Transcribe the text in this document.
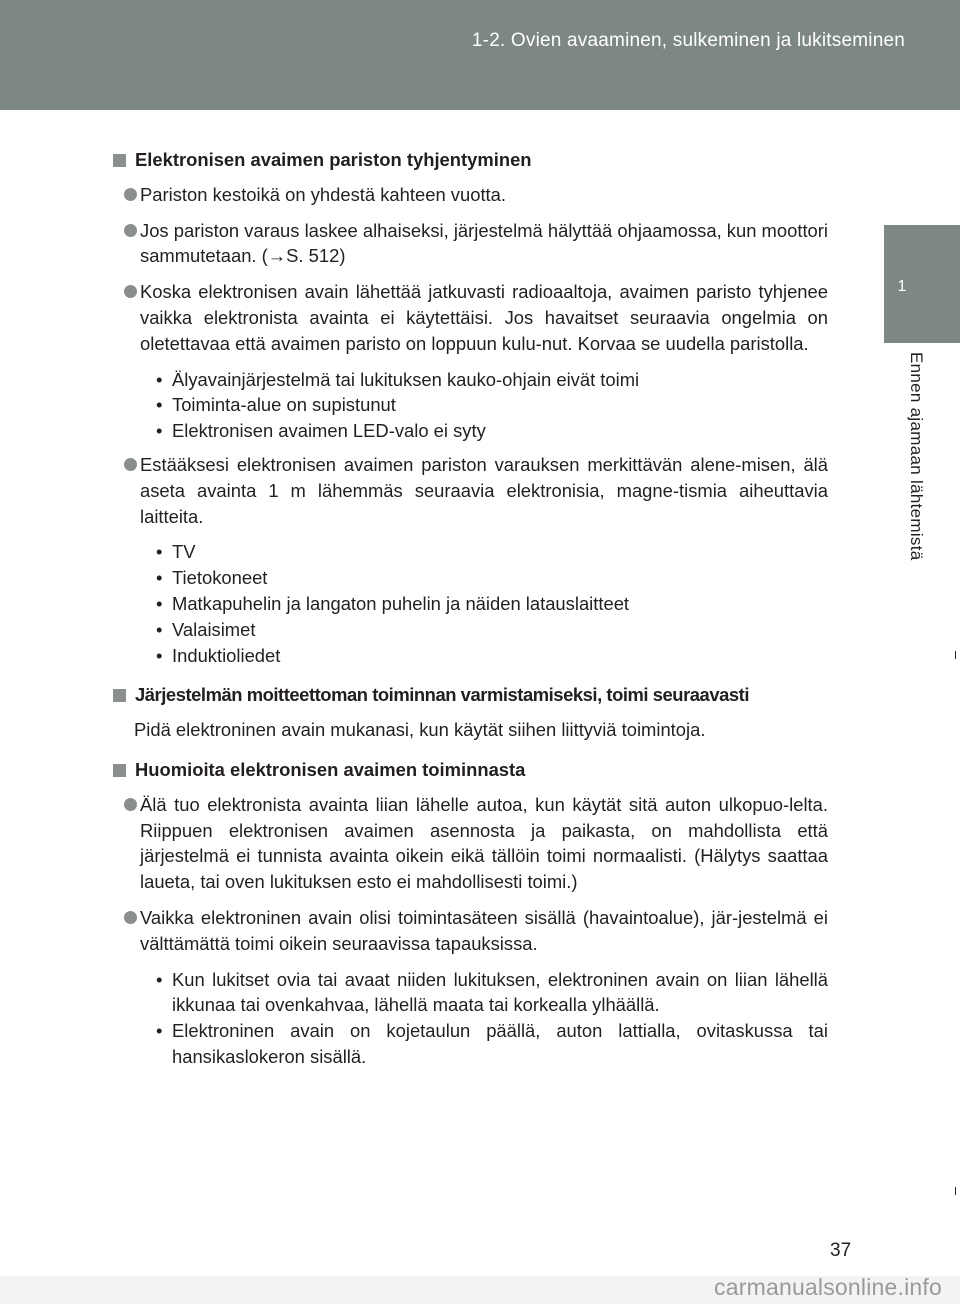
1-2. Ovien avaaminen, sulkeminen ja lukitseminen
1
Ennen ajamaan lähtemistä
Elektronisen avaimen pariston tyhjentyminen
Pariston kestoikä on yhdestä kahteen vuotta.
Jos pariston varaus laskee alhaiseksi, järjestelmä hälyttää ohjaamossa, kun moottori sammutetaan. (→S. 512)
Koska elektronisen avain lähettää jatkuvasti radioaaltoja, avaimen paristo tyhjenee vaikka elektronista avainta ei käytettäisi. Jos havaitset seuraavia ongelmia on oletettavaa että avaimen paristo on loppuun kulu-nut. Korvaa se uudella paristolla.
• Älyavainjärjestelmä tai lukituksen kauko-ohjain eivät toimi
• Toiminta-alue on supistunut
• Elektronisen avaimen LED-valo ei syty
Estääksesi elektronisen avaimen pariston varauksen merkittävän alene-misen, älä aseta avainta 1 m lähemmäs seuraavia elektronisia, magne-tismia aiheuttavia laitteita.
• TV
• Tietokoneet
• Matkapuhelin ja langaton puhelin ja näiden latauslaitteet
• Valaisimet
• Induktioliedet
Järjestelmän moitteettoman toiminnan varmistamiseksi, toimi seuraavasti
Pidä elektroninen avain mukanasi, kun käytät siihen liittyviä toimintoja.
Huomioita elektronisen avaimen toiminnasta
Älä tuo elektronista avainta liian lähelle autoa, kun käytät sitä auton ulkopuo-lelta. Riippuen elektronisen avaimen asennosta ja paikasta, on mahdollista että järjestelmä ei tunnista avainta oikein eikä tällöin toimi normaalisti. (Hälytys saattaa laueta, tai oven lukituksen esto ei mahdollisesti toimi.)
Vaikka elektroninen avain olisi toimintasäteen sisällä (havaintoalue), jär-jestelmä ei välttämättä toimi oikein seuraavissa tapauksissa.
• Kun lukitset ovia tai avaat niiden lukituksen, elektroninen avain on liian lähellä ikkunaa tai ovenkahvaa, lähellä maata tai korkealla ylhäällä.
• Elektroninen avain on kojetaulun päällä, auton lattialla, ovitaskussa tai hansikaslokeron sisällä.
37
carmanualsonline.info
